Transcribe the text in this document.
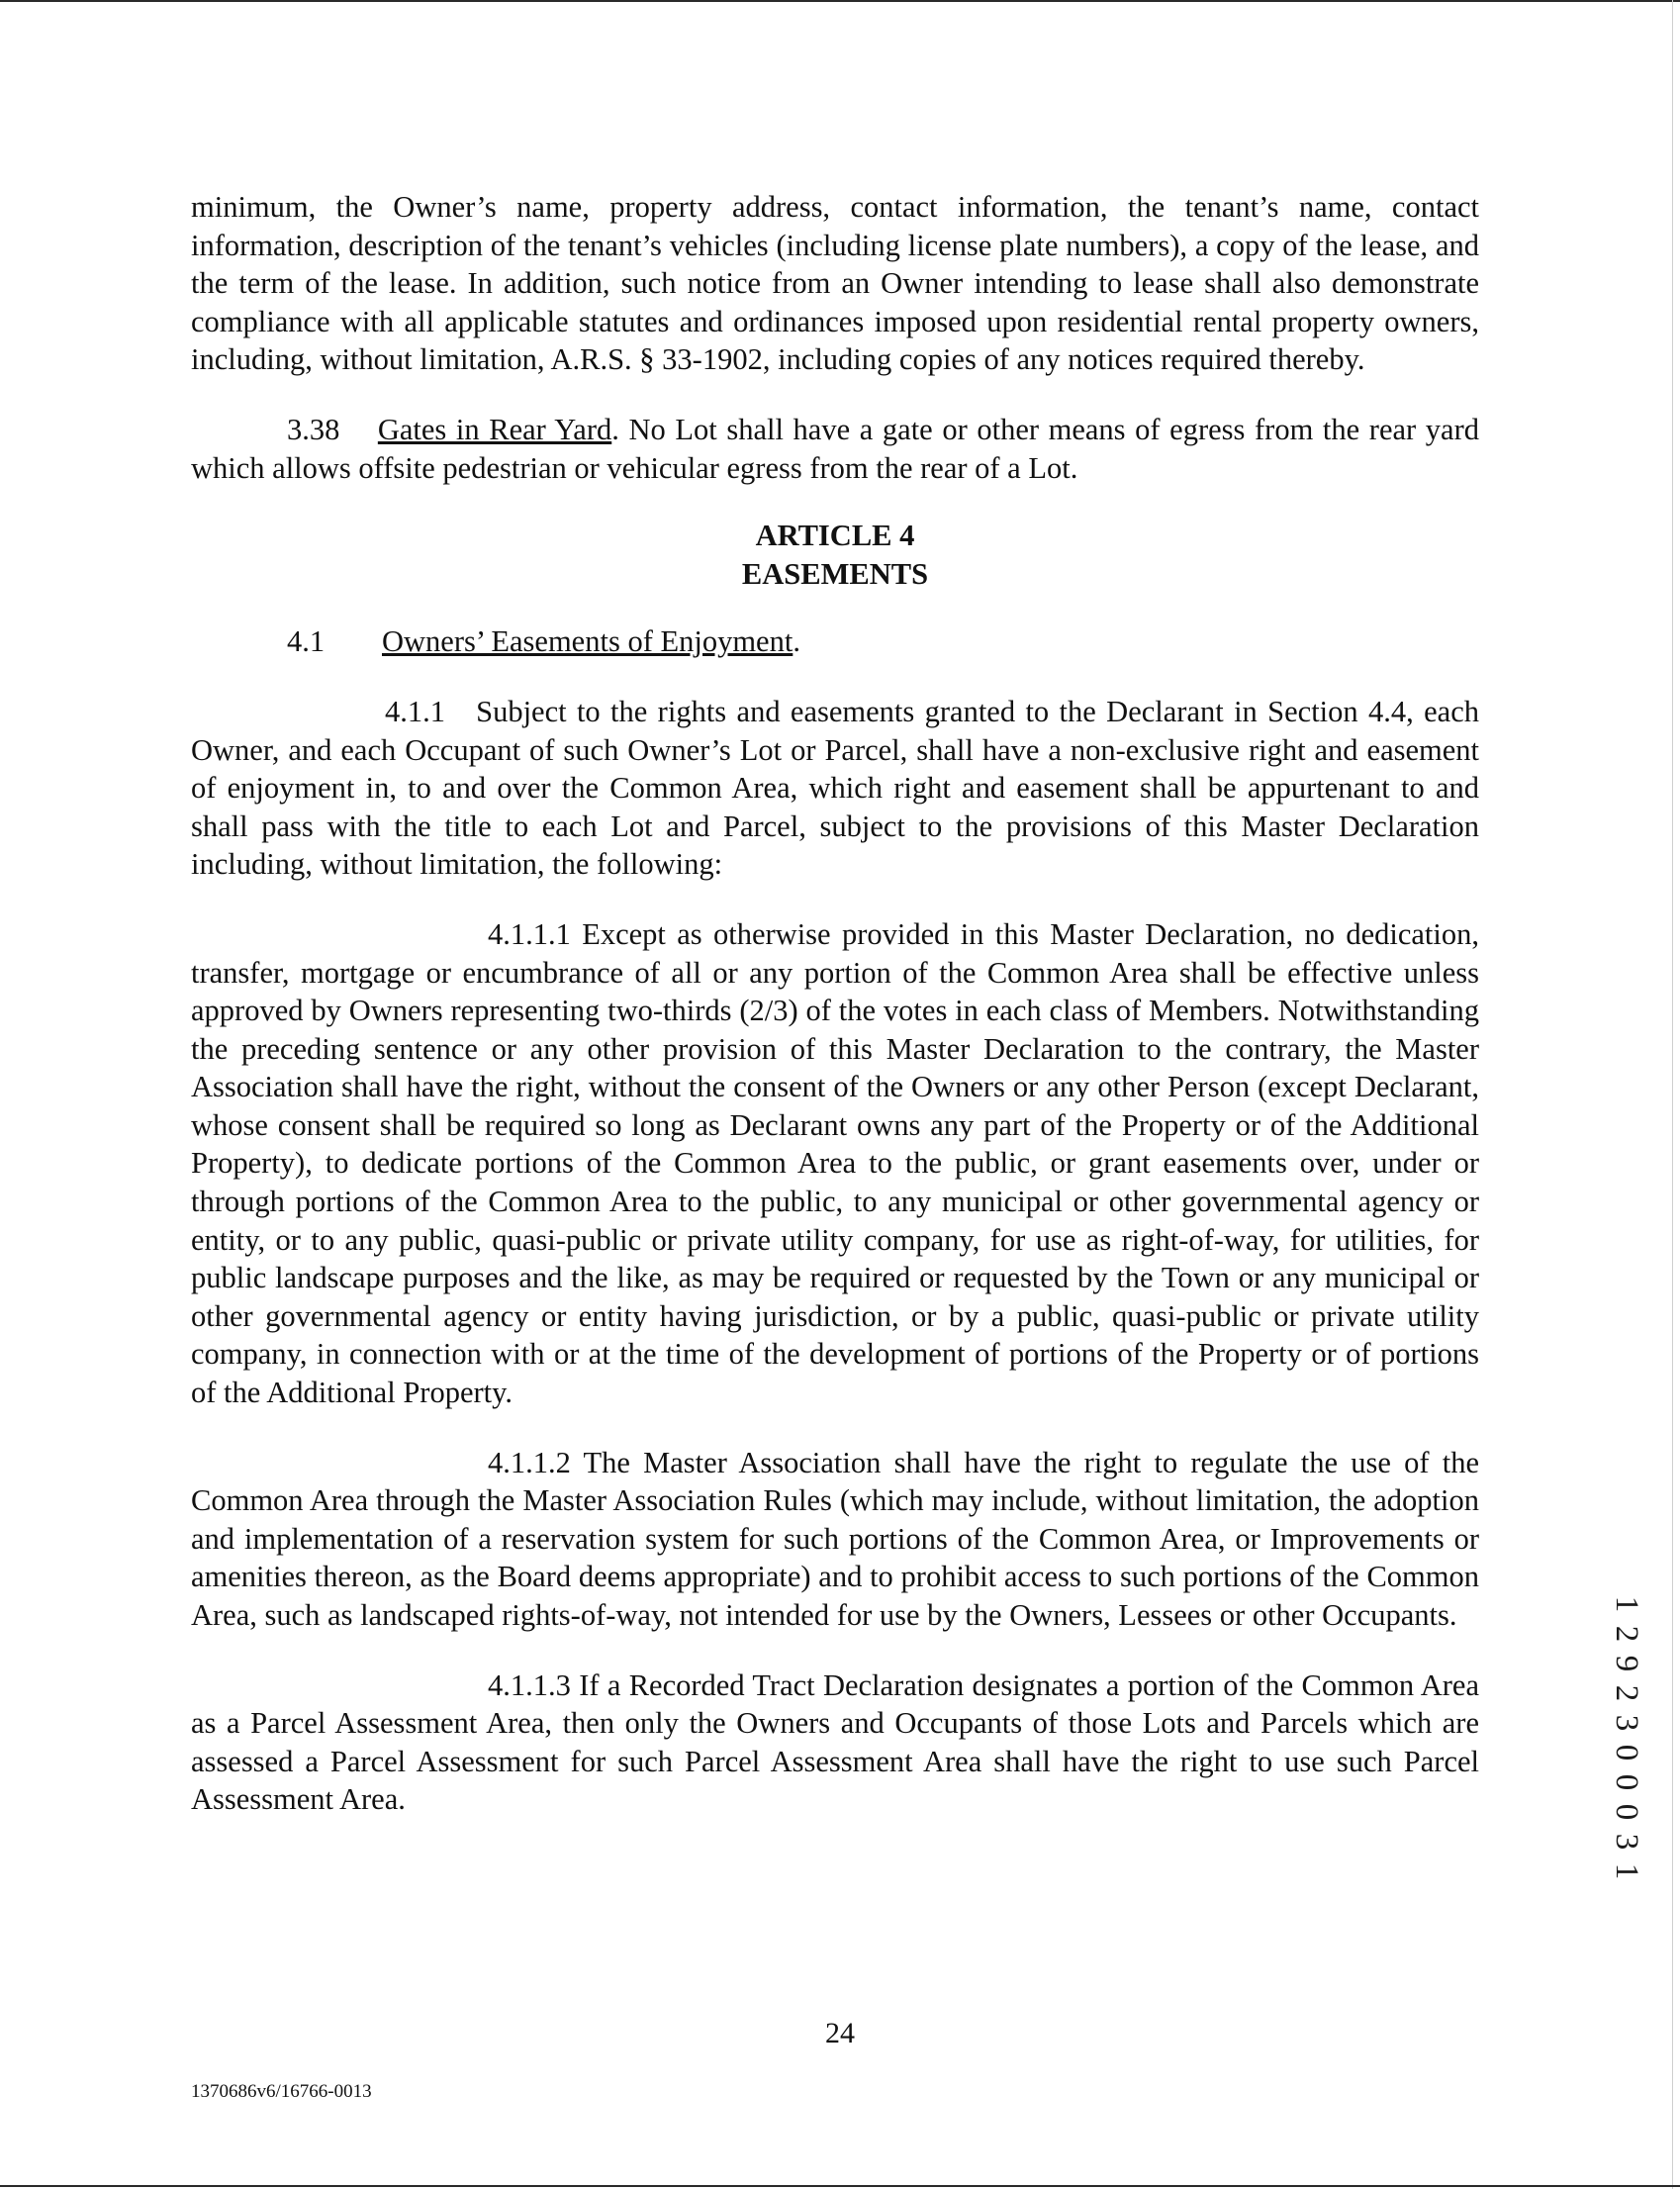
minimum, the Owner’s name, property address, contact information, the tenant’s name, contact information, description of the tenant’s vehicles (including license plate numbers), a copy of the lease, and the term of the lease. In addition, such notice from an Owner intending to lease shall also demonstrate compliance with all applicable statutes and ordinances imposed upon residential rental property owners, including, without limitation, A.R.S. § 33-1902, including copies of any notices required thereby.

3.38 Gates in Rear Yard. No Lot shall have a gate or other means of egress from the rear yard which allows offsite pedestrian or vehicular egress from the rear of a Lot.

ARTICLE 4
EASEMENTS

4.1 Owners’ Easements of Enjoyment.

4.1.1 Subject to the rights and easements granted to the Declarant in Section 4.4, each Owner, and each Occupant of such Owner’s Lot or Parcel, shall have a non-exclusive right and easement of enjoyment in, to and over the Common Area, which right and easement shall be appurtenant to and shall pass with the title to each Lot and Parcel, subject to the provisions of this Master Declaration including, without limitation, the following:

4.1.1.1 Except as otherwise provided in this Master Declaration, no dedication, transfer, mortgage or encumbrance of all or any portion of the Common Area shall be effective unless approved by Owners representing two-thirds (2/3) of the votes in each class of Members. Notwithstanding the preceding sentence or any other provision of this Master Declaration to the contrary, the Master Association shall have the right, without the consent of the Owners or any other Person (except Declarant, whose consent shall be required so long as Declarant owns any part of the Property or of the Additional Property), to dedicate portions of the Common Area to the public, or grant easements over, under or through portions of the Common Area to the public, to any municipal or other governmental agency or entity, or to any public, quasi-public or private utility company, for use as right-of-way, for utilities, for public landscape purposes and the like, as may be required or requested by the Town or any municipal or other governmental agency or entity having jurisdiction, or by a public, quasi-public or private utility company, in connection with or at the time of the development of portions of the Property or of portions of the Additional Property.

4.1.1.2 The Master Association shall have the right to regulate the use of the Common Area through the Master Association Rules (which may include, without limitation, the adoption and implementation of a reservation system for such portions of the Common Area, or Improvements or amenities thereon, as the Board deems appropriate) and to prohibit access to such portions of the Common Area, such as landscaped rights-of-way, not intended for use by the Owners, Lessees or other Occupants.

4.1.1.3 If a Recorded Tract Declaration designates a portion of the Common Area as a Parcel Assessment Area, then only the Owners and Occupants of those Lots and Parcels which are assessed a Parcel Assessment for such Parcel Assessment Area shall have the right to use such Parcel Assessment Area.

24
1370686v6/16766-0013
1
2
9
2
3
0
0
0
3
1
